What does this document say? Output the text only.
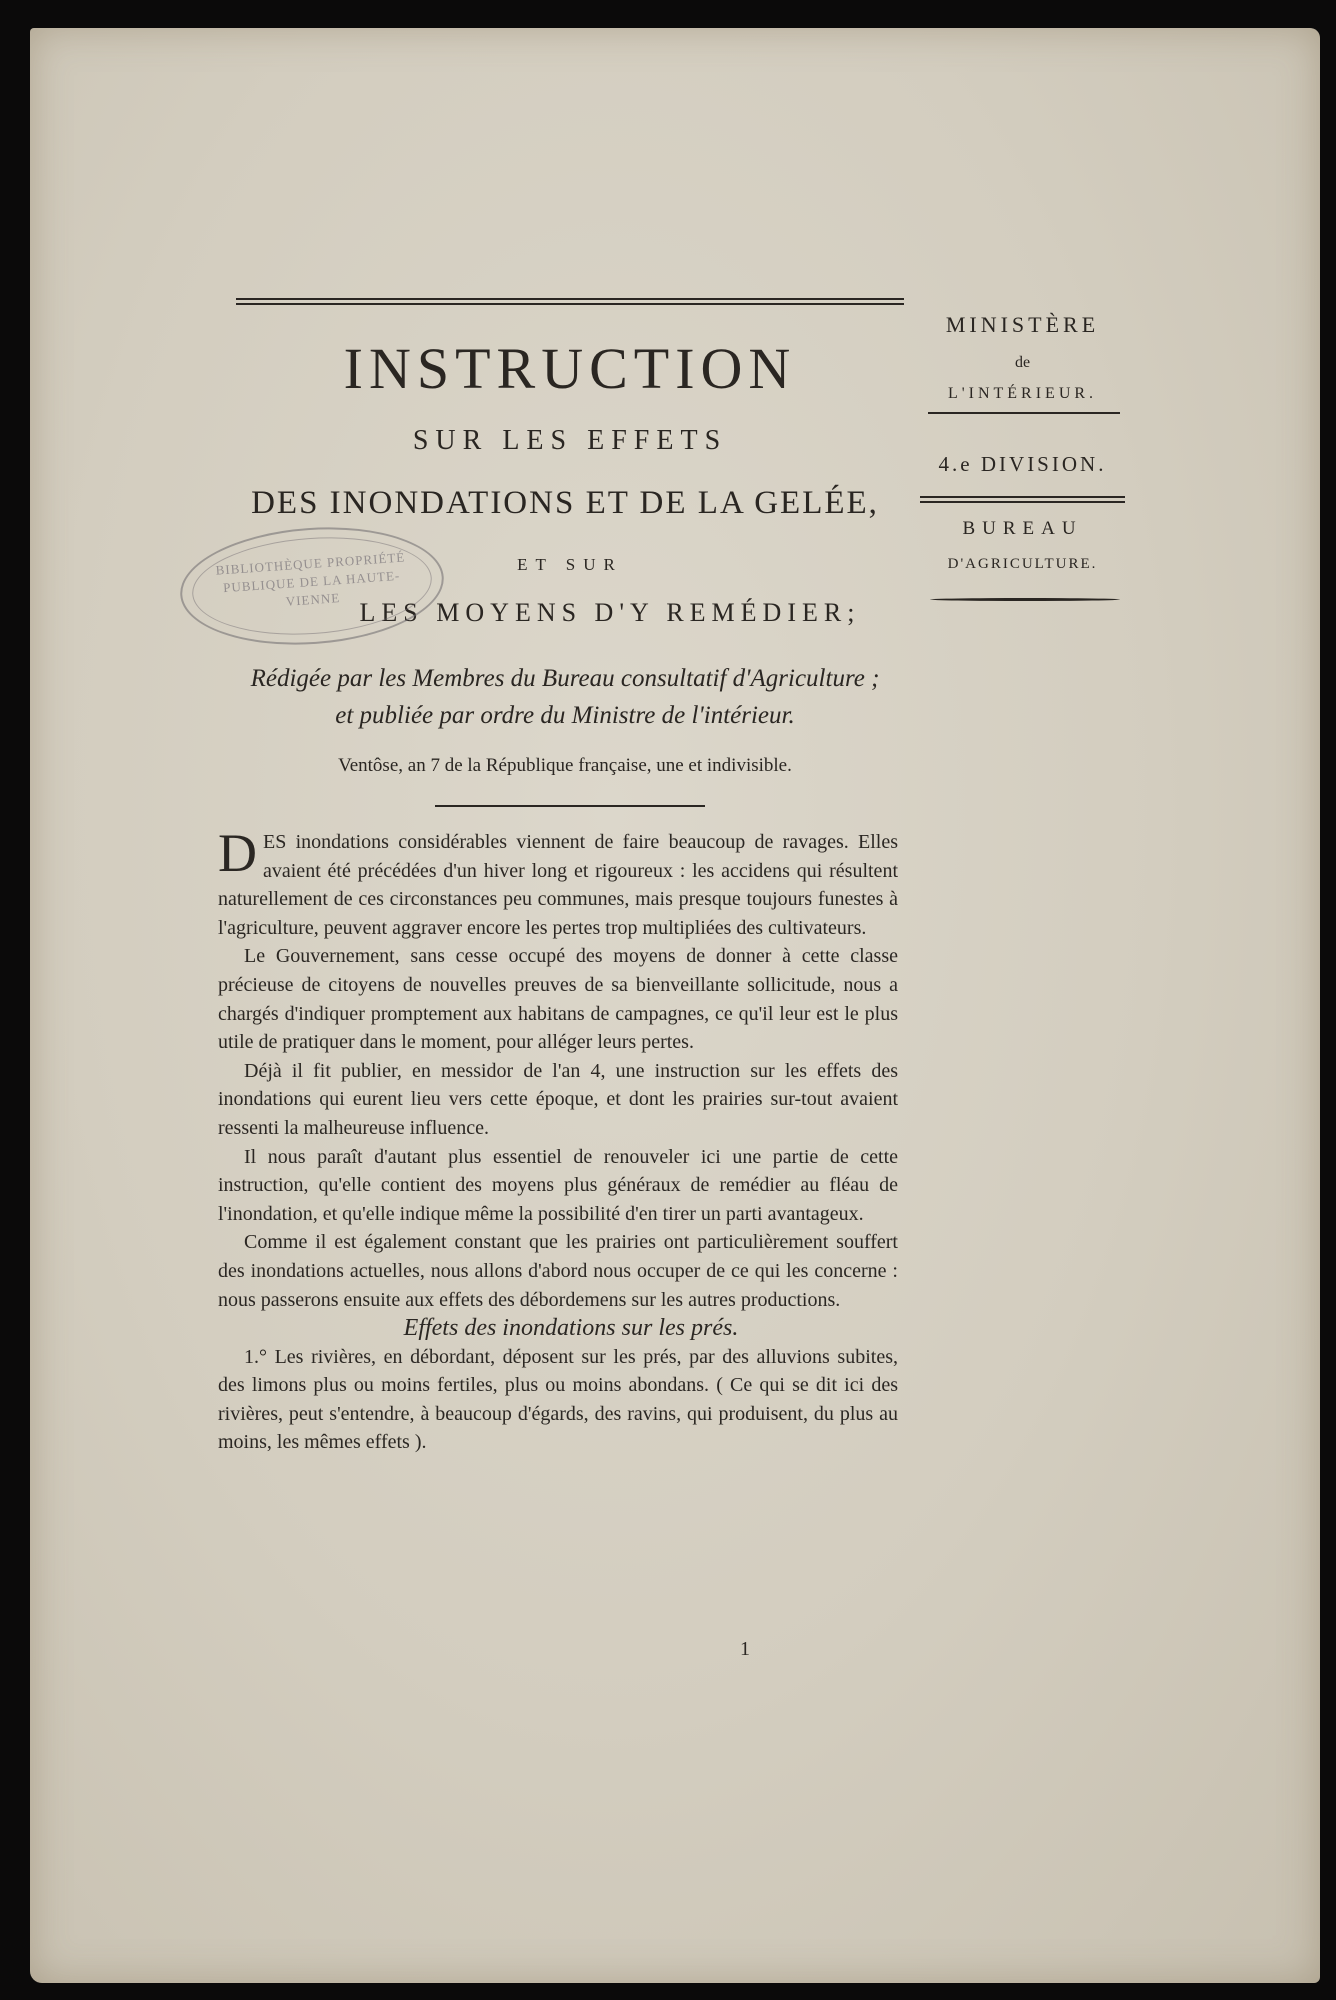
INSTRUCTION
SUR LES EFFETS
DES INONDATIONS ET DE LA GELÉE,
ET SUR
LES MOYENS D'Y REMÉDIER;
Rédigée par les Membres du Bureau consultatif d'Agriculture ;
et publiée par ordre du Ministre de l'intérieur.
Ventôse, an 7 de la République française, une et indivisible.
MINISTÈRE
de
L'INTÉRIEUR.
4.e DIVISION.
BUREAU
D'AGRICULTURE.
BIBLIOTHÈQUE PROPRIÉTÉ PUBLIQUE DE LA HAUTE-VIENNE

DES inondations considérables viennent de faire beaucoup de ravages. Elles avaient été précédées d'un hiver long et rigoureux : les accidens qui résultent naturellement de ces circonstances peu communes, mais presque toujours funestes à l'agriculture, peuvent aggraver encore les pertes trop multipliées des cultivateurs.

Le Gouvernement, sans cesse occupé des moyens de donner à cette classe précieuse de citoyens de nouvelles preuves de sa bienveillante sollicitude, nous a chargés d'indiquer promptement aux habitans de campagnes, ce qu'il leur est le plus utile de pratiquer dans le moment, pour alléger leurs pertes.

Déjà il fit publier, en messidor de l'an 4, une instruction sur les effets des inondations qui eurent lieu vers cette époque, et dont les prairies sur-tout avaient ressenti la malheureuse influence.

Il nous paraît d'autant plus essentiel de renouveler ici une partie de cette instruction, qu'elle contient des moyens plus généraux de remédier au fléau de l'inondation, et qu'elle indique même la possibilité d'en tirer un parti avantageux.

Comme il est également constant que les prairies ont particulièrement souffert des inondations actuelles, nous allons d'abord nous occuper de ce qui les concerne : nous passerons ensuite aux effets des débordemens sur les autres productions.

Effets des inondations sur les prés.

1.° Les rivières, en débordant, déposent sur les prés, par des alluvions subites, des limons plus ou moins fertiles, plus ou moins abondans. ( Ce qui se dit ici des rivières, peut s'entendre, à beaucoup d'égards, des ravins, qui produisent, du plus au moins, les mêmes effets ).

1
